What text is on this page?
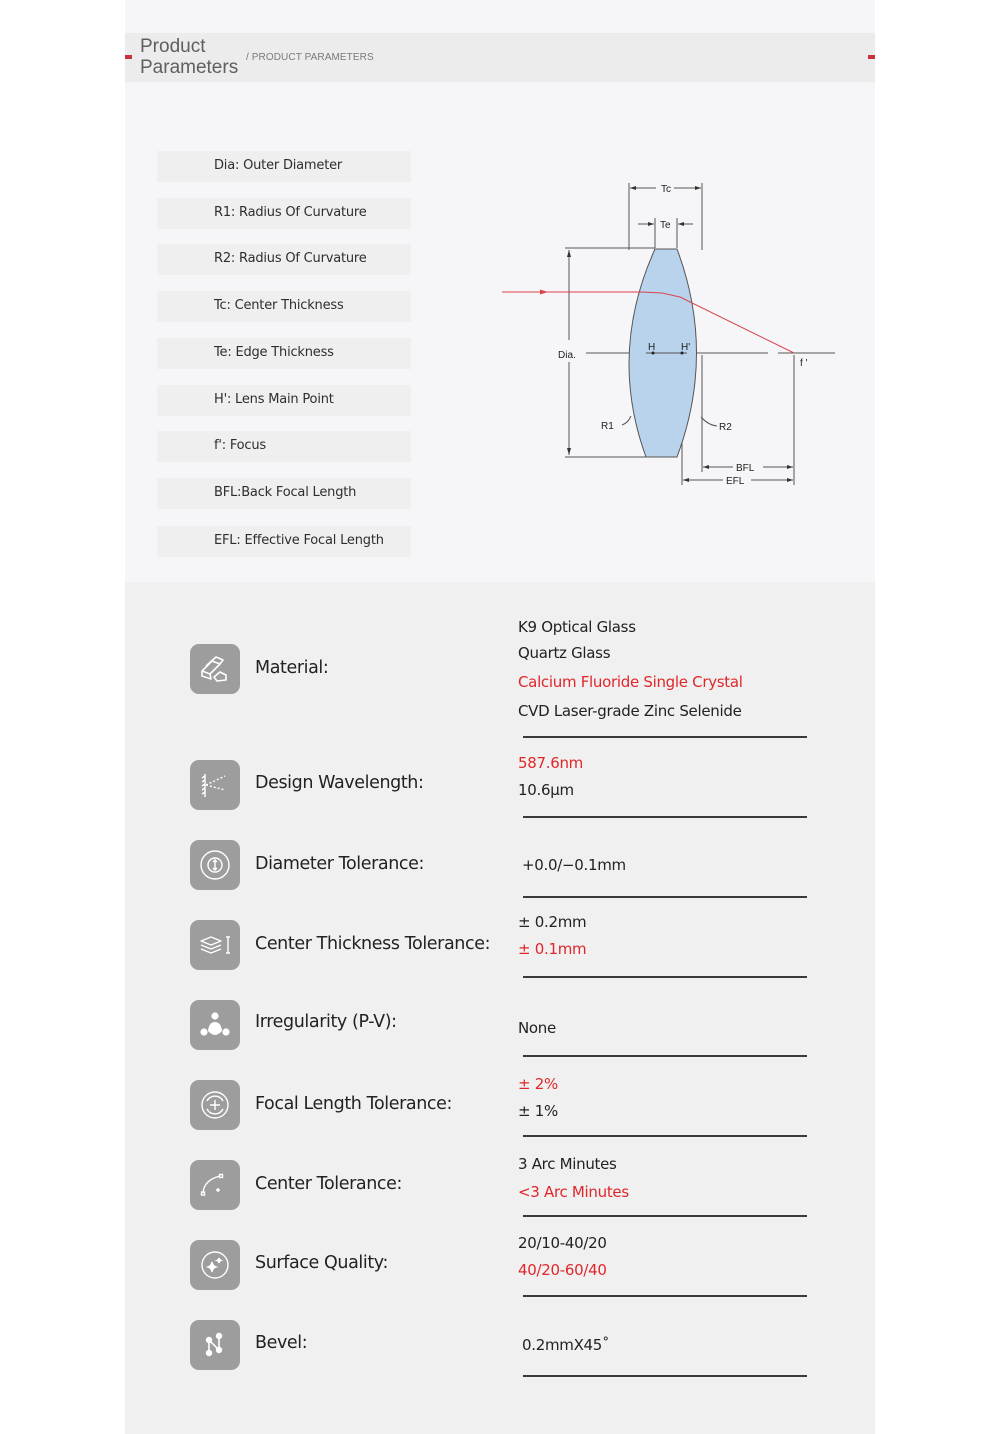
Product Parameters / PRODUCT PARAMETERS
Dia: Outer Diameter
R1: Radius Of Curvature
R2: Radius Of Curvature
Tc: Center Thickness
Te: Edge Thickness
H': Lens Main Point
f': Focus
BFL:Back Focal Length
EFL: Effective Focal Length
Tc
Te
Dia.
H	H'
f '
R1	R2
BFL
EFL
Material:
K9 Optical Glass
Quartz Glass
Calcium Fluoride Single Crystal
CVD Laser-grade Zinc Selenide
Design Wavelength:
587.6nm
10.6µm
Diameter Tolerance:	+0.0/−0.1mm
Center Thickness Tolerance:
± 0.2mm
± 0.1mm
Irregularity (P-V):	None
Focal Length Tolerance:
± 2%
± 1%
Center Tolerance:
3 Arc Minutes
<3 Arc Minutes
Surface Quality:
20/10-40/20
40/20-60/40
Bevel:	0.2mmX45˚
